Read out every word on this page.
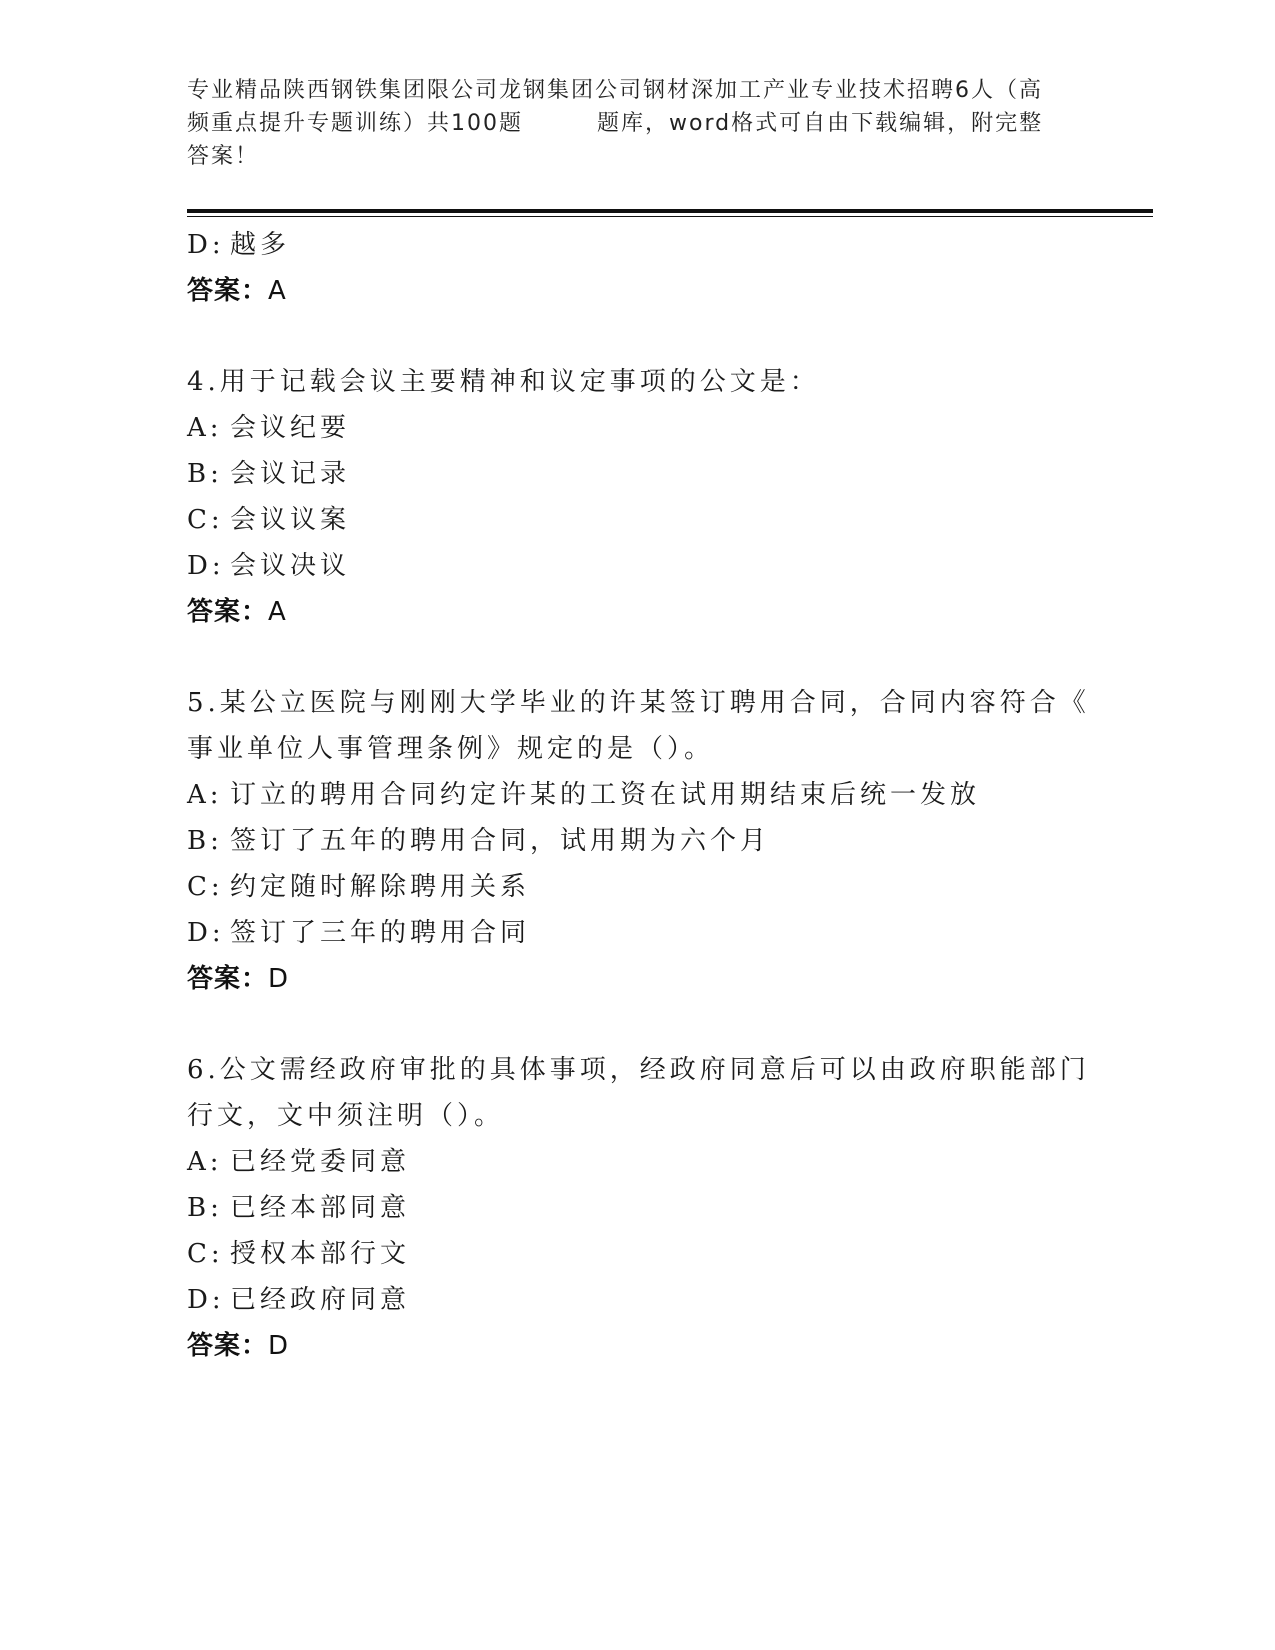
专业精品陕西钢铁集团限公司龙钢集团公司钢材深加工产业专业技术招聘6人（高
频重点提升专题训练）共100题	题库，word格式可自由下载编辑，附完整
答案！
D: 越多
答案：A
4.用于记载会议主要精神和议定事项的公文是：
A: 会议纪要
B: 会议记录
C: 会议议案
D: 会议决议
答案：A
5.某公立医院与刚刚大学毕业的许某签订聘用合同，合同内容符合《
事业单位人事管理条例》规定的是（）。
A: 订立的聘用合同约定许某的工资在试用期结束后统一发放
B: 签订了五年的聘用合同，试用期为六个月
C: 约定随时解除聘用关系
D: 签订了三年的聘用合同
答案：D
6.公文需经政府审批的具体事项，经政府同意后可以由政府职能部门
行文，文中须注明（）。
A: 已经党委同意
B: 已经本部同意
C: 授权本部行文
D: 已经政府同意
答案：D
